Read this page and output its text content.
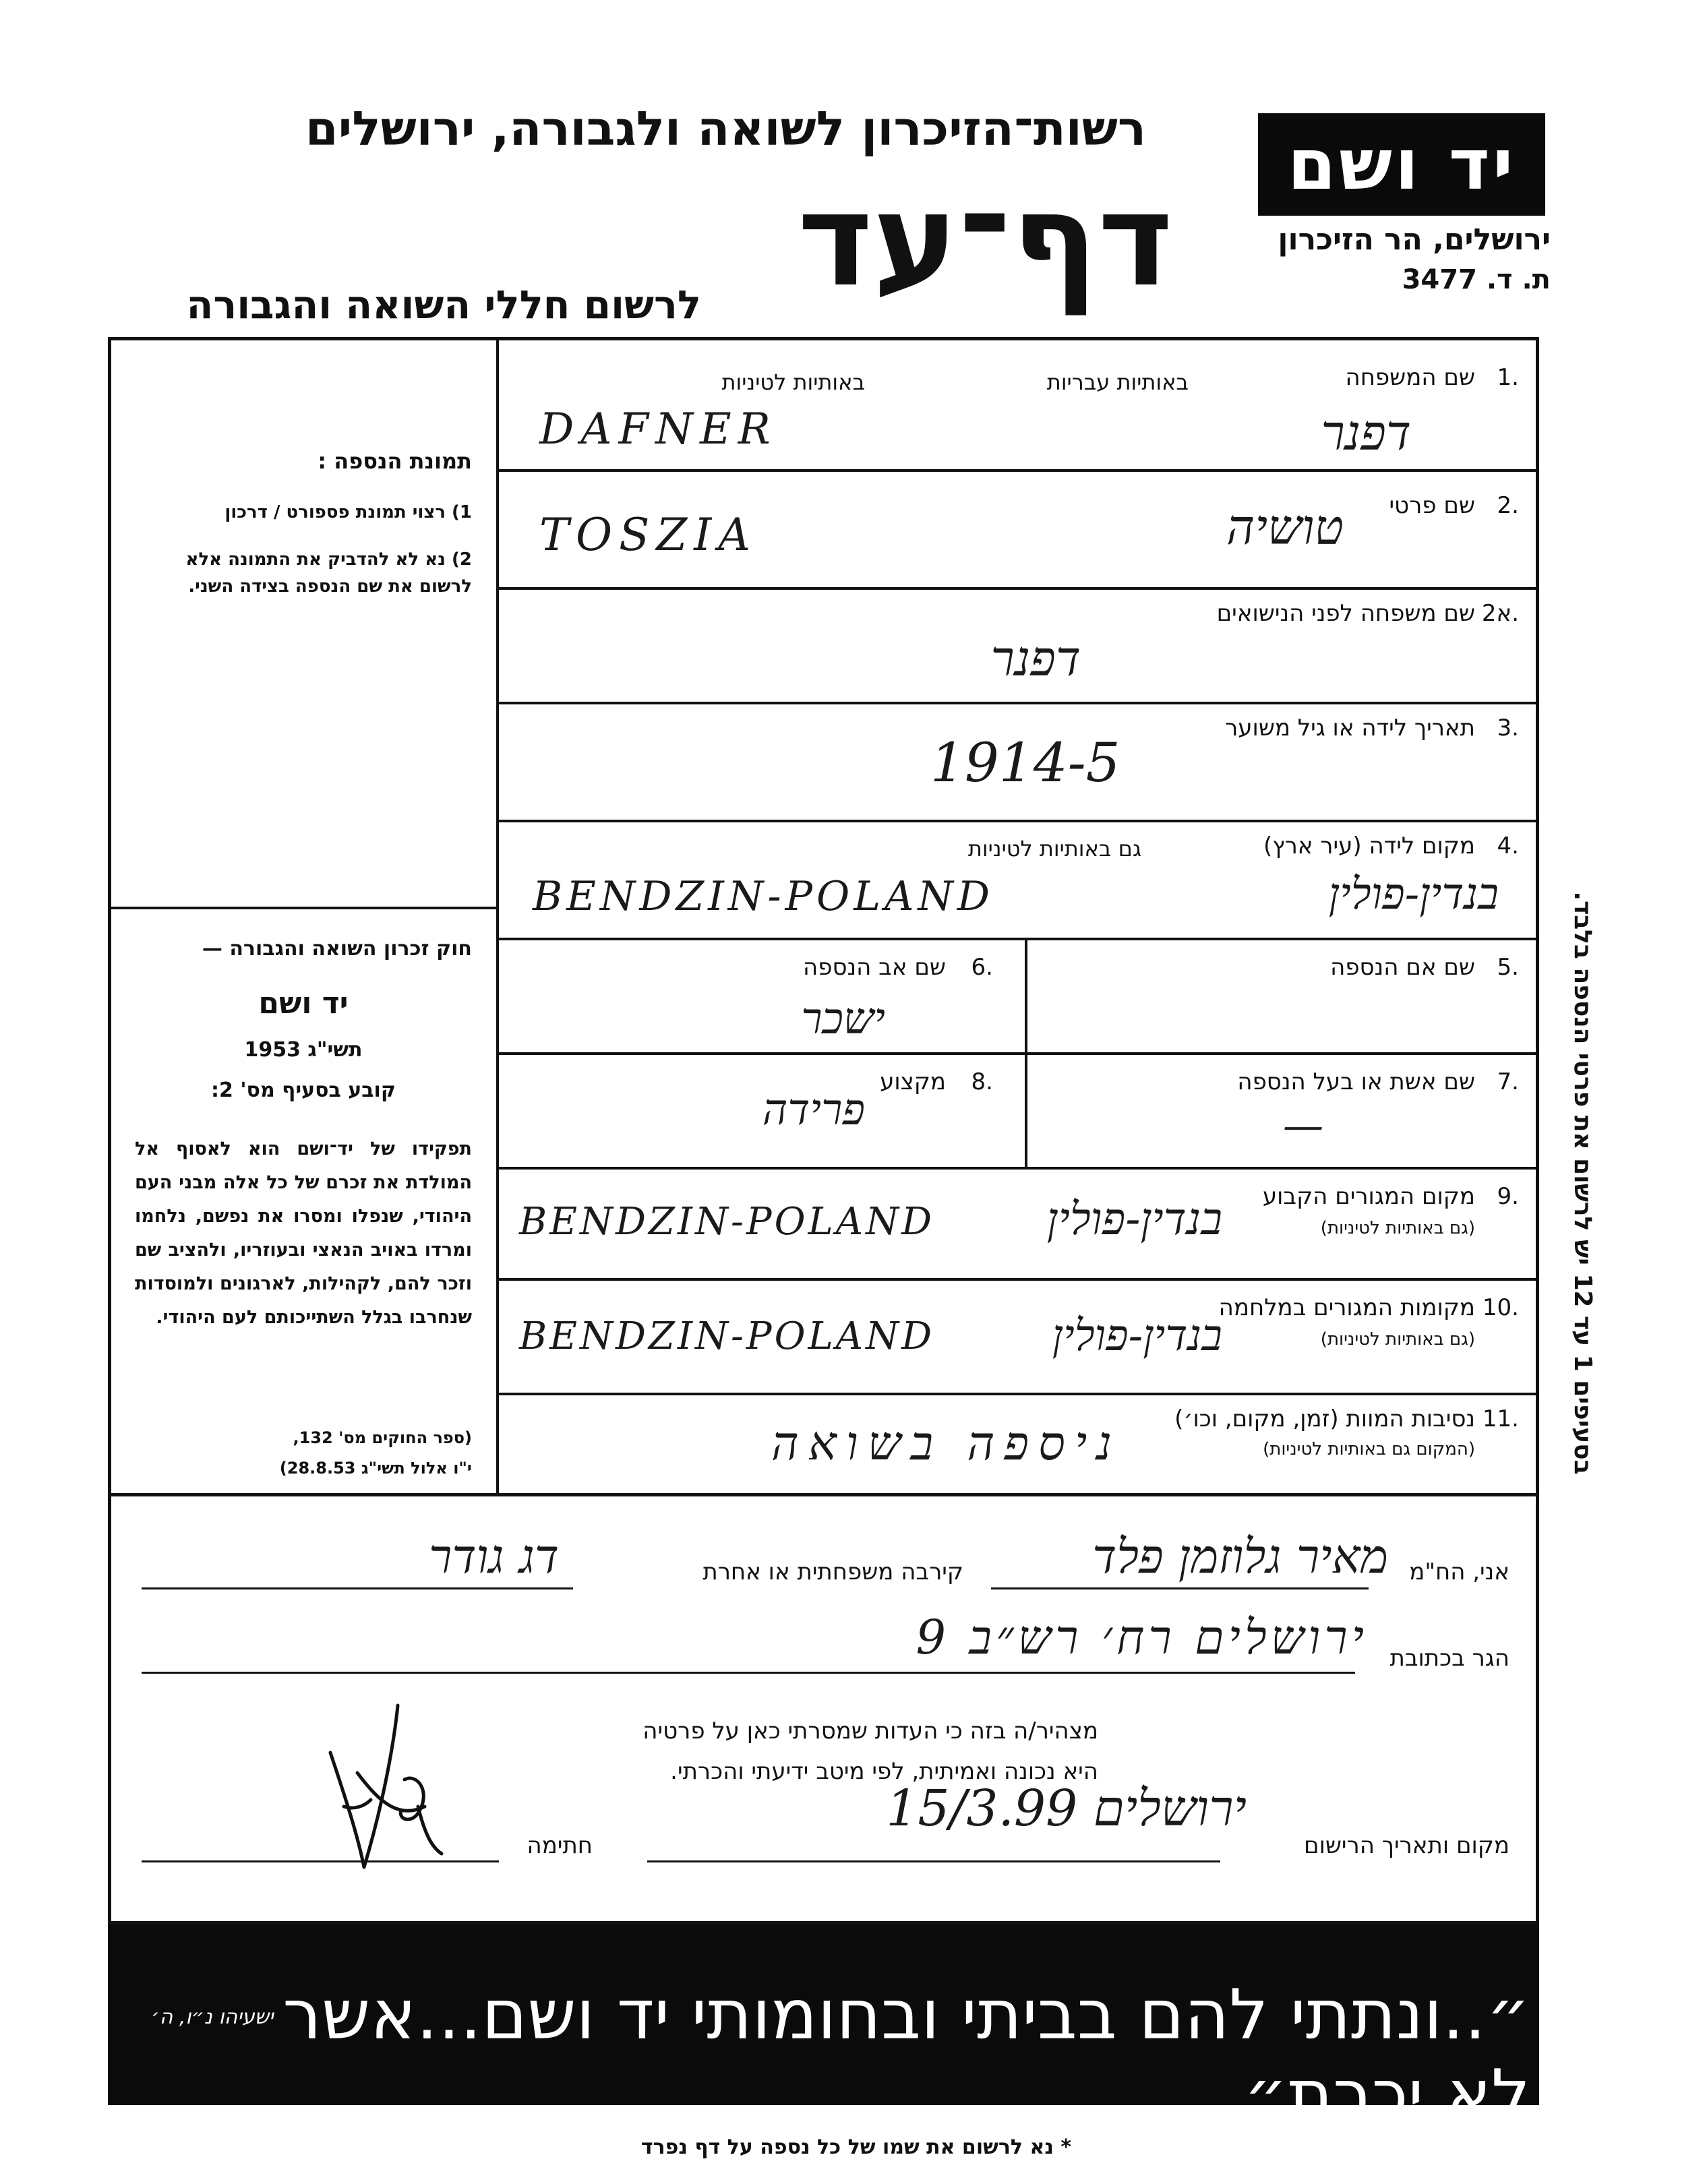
יד ושם
ירושלים, הר הזיכרון
ת. ד. 3477
רשות־הזיכרון לשואה ולגבורה, ירושלים
דף־עד
לרשום חללי השואה והגבורה
תמונת הנספה :
1) רצוי תמונת פספורט / דרכון
2) נא לא להדביק את התמונה אלא לרשום את שם הנספה בצידה השני.
חוק זכרון השואה והגבורה —
יד ושם
תשי"ג 1953
קובע בסעיף מס' 2:
תפקידו של יד־ושם הוא לאסוף אל המולדת את זכרם של כל אלה מבני העם היהודי, שנפלו ומסרו את נפשם, נלחמו ומרדו באויב הנאצי ובעוזריו, ולהציב שם וזכר להם, לקהילות, לארגונים ולמוסדות שנחרבו בגלל השתייכותם לעם היהודי.
(ספר החוקים מס' 132,
י"ו אלול תשי"ג 28.8.53)
1.
שם המשפחה
באותיות עבריות
באותיות לטיניות
דפנר
DAFNER
2.
שם פרטי
טושיה
TOSZIA
2א.
שם משפחה לפני הנישואים
דפנר
3.
תאריך לידה או גיל משוער
1914-5
4.
מקום לידה (עיר ארץ)
גם באותיות לטיניות
בנדין-פולין
BENDZIN-POLAND
5.
שם אם הנספה
6.
שם אב הנספה
ישכר
7.
שם אשת או בעל הנספה
—
8.
מקצוע
פרידה
9.
מקום המגורים הקבוע
(גם באותיות לטיניות)
בנדין-פולין
BENDZIN-POLAND
10.
מקומות המגורים במלחמה
(גם באותיות לטיניות)
בנדין-פולין
BENDZIN-POLAND
11.
נסיבות המוות (זמן, מקום, וכו׳)
(המקום גם באותיות לטיניות)
ניספה בשואה
אני, הח"מ
מאיר גלוזמן פלד
קירבה משפחתית או אחרת
דג גודר
הגר בכתובת
ירושלים רח׳ רש״ב 9
מצהיר/ה בזה כי העדות שמסרתי כאן על פרטיה
היא נכונה ואמיתית, לפי מיטב ידיעתי והכרתי.
מקום ותאריך הרישום
ירושלים 15/3.99
חתימה
בסעיפים 1 עד 12 יש לרשום את פרטי הנספה בלבד.
״..ונתתי להם בביתי ובחומותי יד ושם...אשר לא יכרת״
ישעיהו נ״ו, ה׳
* נא לרשום את שמו של כל נספה על דף נפרד
